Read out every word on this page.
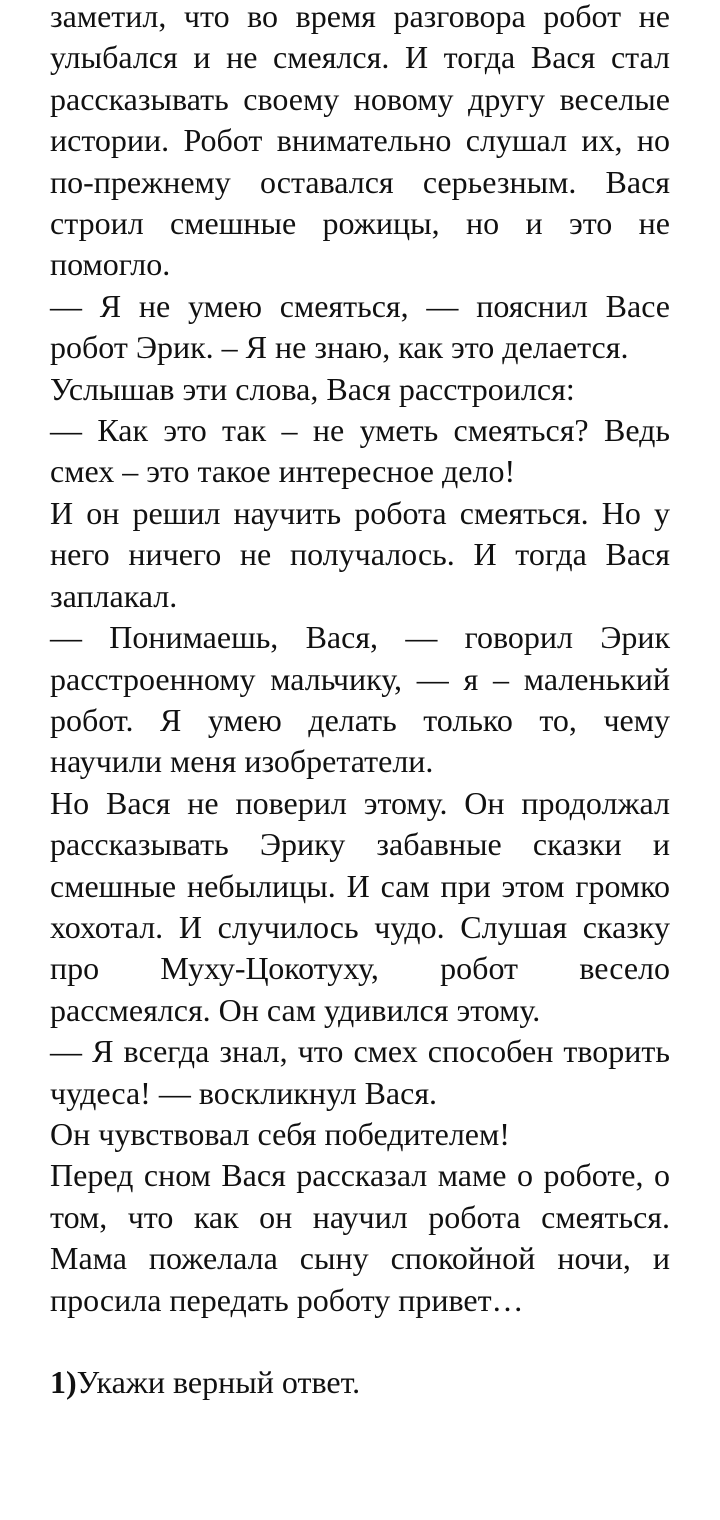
заметил, что во время разговора робот не улыбался и не смеялся. И тогда Вася стал рассказывать своему новому другу веселые истории. Робот внимательно слушал их, но по-прежнему оставался серьезным. Вася строил смешные рожицы, но и это не помогло.

— Я не умею смеяться, — пояснил Васе робот Эрик. – Я не знаю, как это делается.

Услышав эти слова, Вася расстроился:

— Как это так – не уметь смеяться? Ведь смех – это такое интересное дело!

И он решил научить робота смеяться. Но у него ничего не получалось. И тогда Вася заплакал.

— Понимаешь, Вася, — говорил Эрик расстроенному мальчику, — я – маленький робот. Я умею делать только то, чему научили меня изобретатели.

Но Вася не поверил этому. Он продолжал рассказывать Эрику забавные сказки и смешные небылицы. И сам при этом громко хохотал. И случилось чудо. Слушая сказку про Муху-Цокотуху, робот весело рассмеялся. Он сам удивился этому.

— Я всегда знал, что смех способен творить чудеса! — воскликнул Вася.

Он чувствовал себя победителем!

Перед сном Вася рассказал маме о роботе, о том, что как он научил робота смеяться. Мама пожелала сыну спокойной ночи, и просила передать роботу привет…

1)Укажи верный ответ.
